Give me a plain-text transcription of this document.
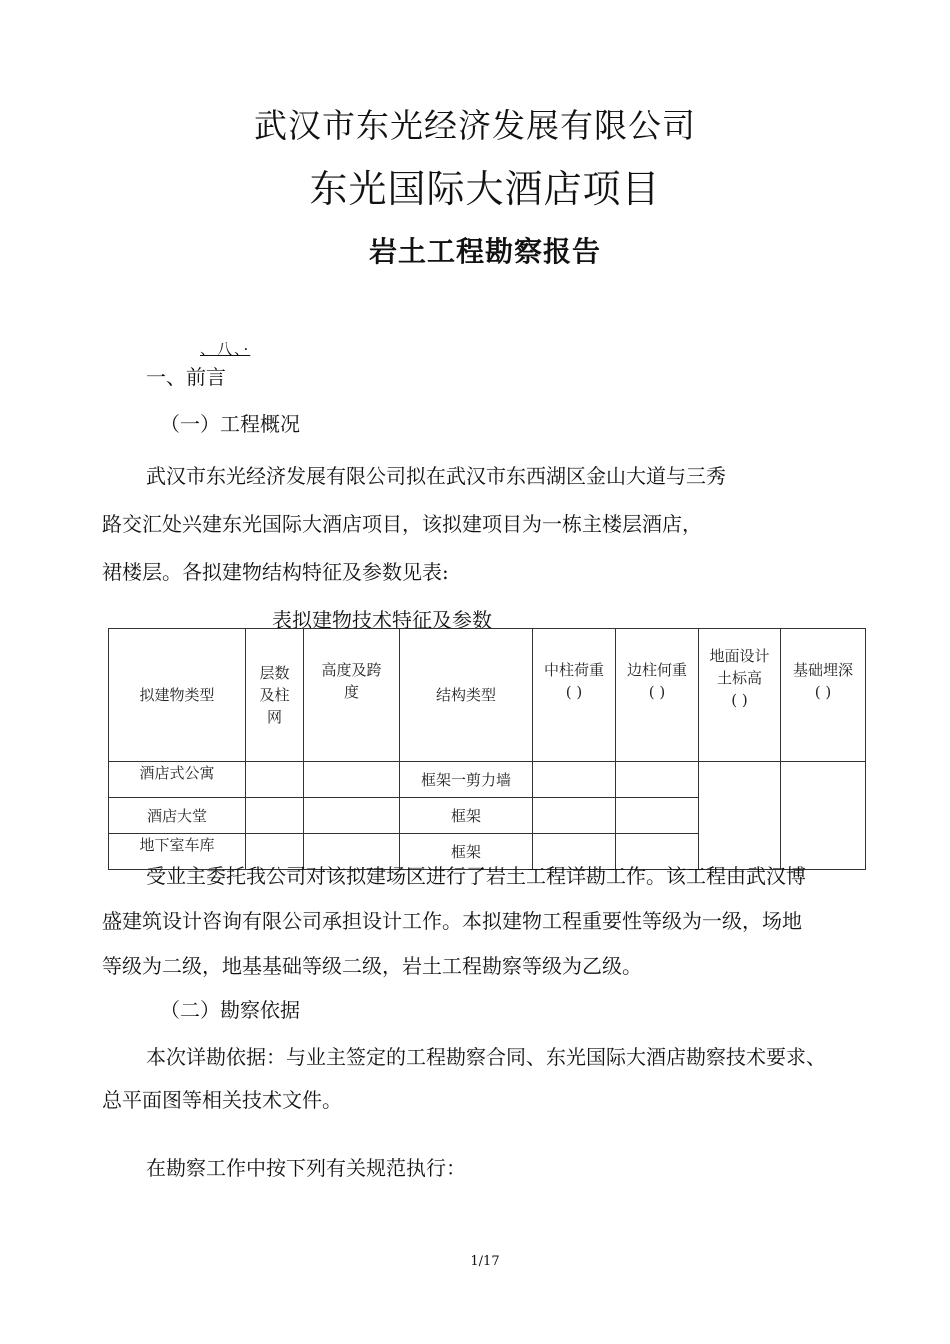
武汉市东光经济发展有限公司
东光国际大酒店项目
岩土工程勘察报告
、八、·
一、前言
（一）工程概况
武汉市东光经济发展有限公司拟在武汉市东西湖区金山大道与三秀
路交汇处兴建东光国际大酒店项目，该拟建项目为一栋主楼层酒店，
裙楼层。各拟建物结构特征及参数见表:
表拟建物技术特征及参数
拟建物类型	层数
及柱
网	高度及跨
度	结构类型	中柱荷重
( )	边柱何重
( )	地面设计
土标高
( )	基础埋深
( )
酒店式公寓			框架一剪力墙				
酒店大堂			框架				
地下室车库			框架				
受业主委托我公司对该拟建场区进行了岩土工程详勘工作。该工程由武汉博
盛建筑设计咨询有限公司承担设计工作。本拟建物工程重要性等级为一级，场地
等级为二级，地基基础等级二级，岩土工程勘察等级为乙级。
（二）勘察依据
本次详勘依据：与业主签定的工程勘察合同、东光国际大酒店勘察技术要求、
总平面图等相关技术文件。
在勘察工作中按下列有关规范执行：
1/17
